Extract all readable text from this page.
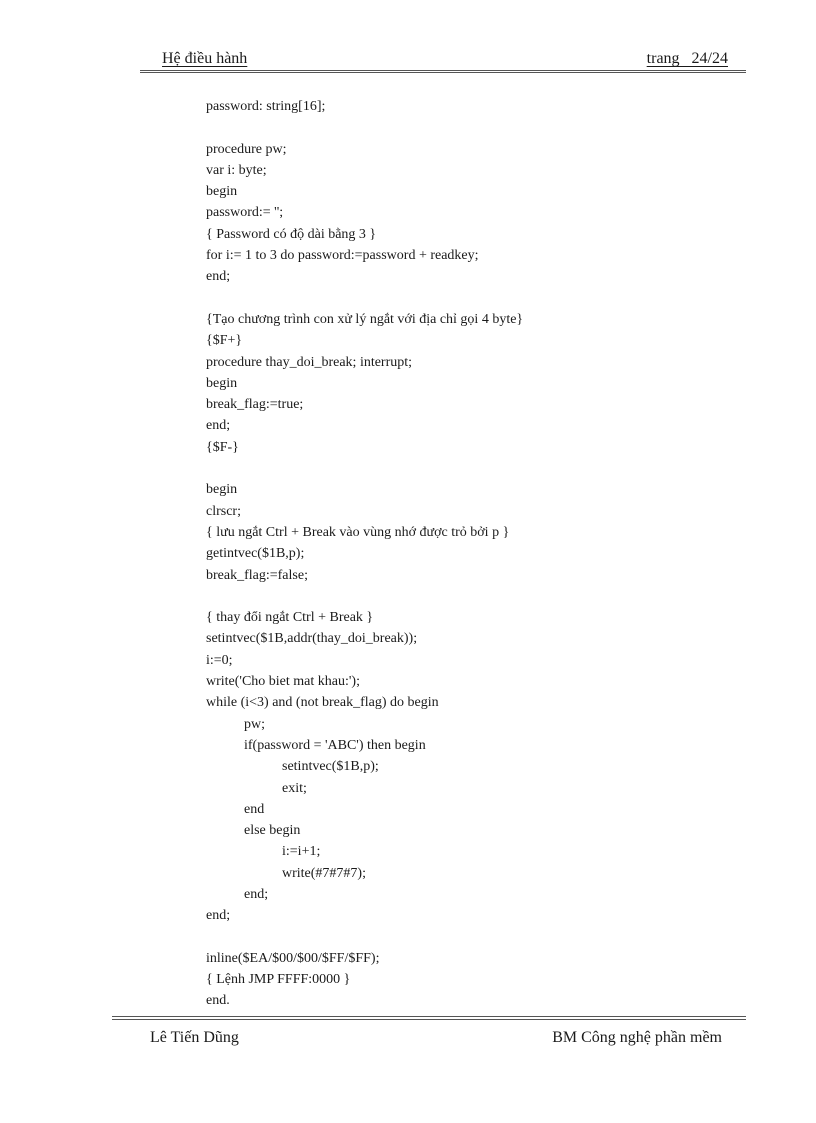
Hệ điều hành	trang   24/24
password: string[16];
procedure pw;
var i: byte;
begin
password:= '';
{ Password có độ dài bằng 3 }
for i:= 1 to 3 do password:=password + readkey;
end;
{Tạo chương trình con xử lý ngắt với địa chỉ gọi 4 byte}
{$F+}
procedure thay_doi_break; interrupt;
begin
break_flag:=true;
end;
{$F-}
begin
clrscr;
{ lưu ngắt Ctrl + Break vào vùng nhớ được trỏ bởi p }
getintvec($1B,p);
break_flag:=false;
{ thay đổi ngắt Ctrl + Break }
setintvec($1B,addr(thay_doi_break));
i:=0;
write('Cho biet mat khau:');
while (i<3) and (not break_flag) do begin
pw;
if(password = 'ABC') then begin
setintvec($1B,p);
exit;
end
else begin
i:=i+1;
write(#7#7#7);
end;
end;
inline($EA/$00/$00/$FF/$FF);
{ Lệnh JMP FFFF:0000 }
end.
Lê Tiến Dũng	BM Công nghệ phần mềm
